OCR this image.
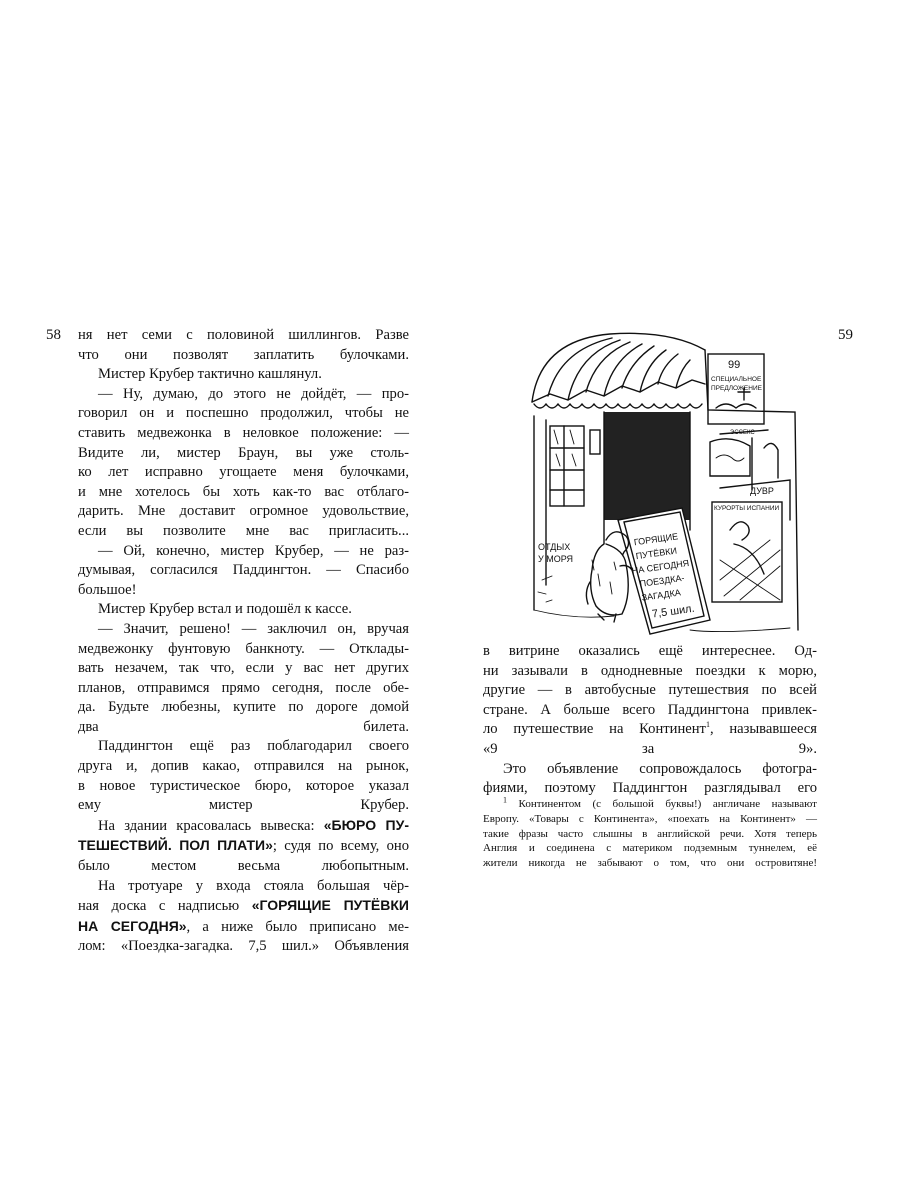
58 ня нет семи с половиной шиллингов. Разве
что они позволят заплатить булочками.

Мистер Крубер тактично кашлянул.

— Ну, думаю, до этого не дойдёт, — про-
говорил он и поспешно продолжил, чтобы не
ставить медвежонка в неловкое положение: —
Видите ли, мистер Браун, вы уже столь-
ко лет исправно угощаете меня булочками,
и мне хотелось бы хоть как-то вас отблаго-
дарить. Мне доставит огромное удовольствие,
если вы позволите мне вас пригласить...

— Ой, конечно, мистер Крубер, — не раз-
думывая, согласился Паддингтон. — Спасибо
большое!

Мистер Крубер встал и подошёл к кассе.

— Значит, решено! — заключил он, вручая
медвежонку фунтовую банкноту. — Отклады-
вать незачем, так что, если у вас нет других
планов, отправимся прямо сегодня, после обе-
да. Будьте любезны, купите по дороге домой
два билета.

Паддингтон ещё раз поблагодарил своего
друга и, допив какао, отправился на рынок,
в новое туристическое бюро, которое указал
ему мистер Крубер.

На здании красовалась вывеска: «БЮРО ПУ-
ТЕШЕСТВИЙ. ПОЛ ПЛАТИ»; судя по всему, оно
было местом весьма любопытным.

На тротуаре у входа стояла большая чёр-
ная доска с надписью «ГОРЯЩИЕ ПУТЁВКИ
НА СЕГОДНЯ», а ниже было приписано ме-
лом: «Поездка-загадка. 7,5 шил.» Объявления

59
99
СПЕЦИАЛЬНОЕ
ПРЕДЛОЖЕНИЕ
ЭССЕКС
ДУВР
КУРОРТЫ ИСПАНИИ
ГОРЯЩИЕ
ПУТЁВКИ
НА СЕГОДНЯ
ПОЕЗДКА-
ЗАГАДКА
7,5 шил.
ОТДЫХ
У МОРЯ

в витрине оказались ещё интереснее. Од-
ни зазывали в однодневные поездки к морю,
другие — в автобусные путешествия по всей
стране. А больше всего Паддингтона привлек-
ло путешествие на Континент$^1$, называвшееся
«9 за 9».

Это объявление сопровождалось фотогра-
фиями, поэтому Паддингтон разглядывал его

$^1$ Континентом (с большой буквы!) англичане называют
Европу. «Товары с Континента», «поехать на Континент» —
такие фразы часто слышны в английской речи. Хотя теперь
Англия и соединена с материком подземным туннелем, её
жители никогда не забывают о том, что они островитяне!
